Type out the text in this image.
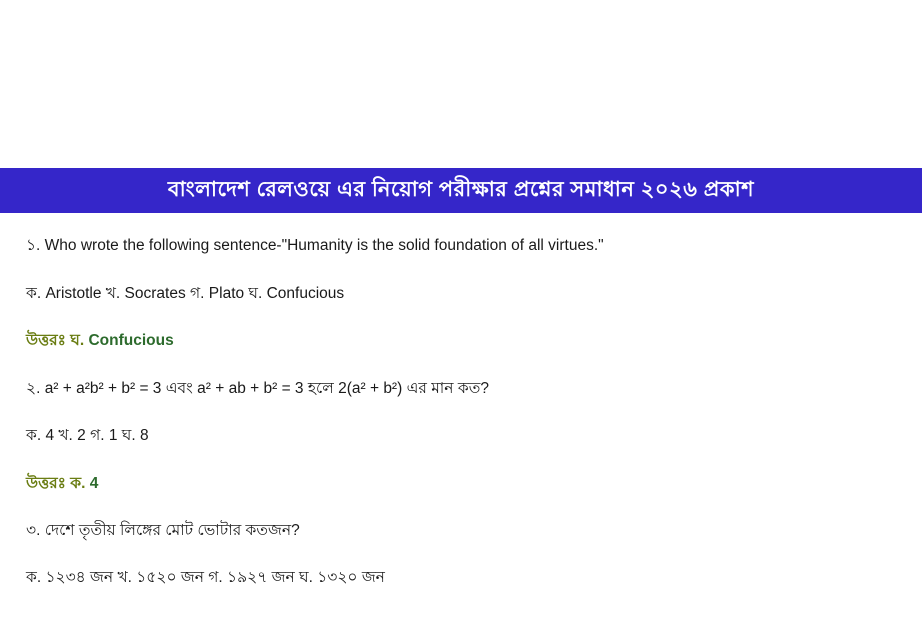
বাংলাদেশ রেলওয়ে এর নিয়োগ পরীক্ষার প্রশ্নের সমাধান ২০২৬ প্রকাশ

১. Who wrote the following sentence-"Humanity is the solid foundation of all virtues."

ক. Aristotle খ. Socrates গ. Plato ঘ. Confucious

উত্তরঃ ঘ. Confucious

২. a² + a²b² + b² = 3 এবং a² + ab + b² = 3 হলে 2(a² + b²) এর মান কত?

ক. 4 খ. 2 গ. 1 ঘ. 8

উত্তরঃ ক. 4

৩. দেশে তৃতীয় লিঙ্গের মোট ভোটার কতজন?

ক. ১২৩৪ জন খ. ১৫২০ জন গ. ১৯২৭ জন ঘ. ১৩২০ জন
